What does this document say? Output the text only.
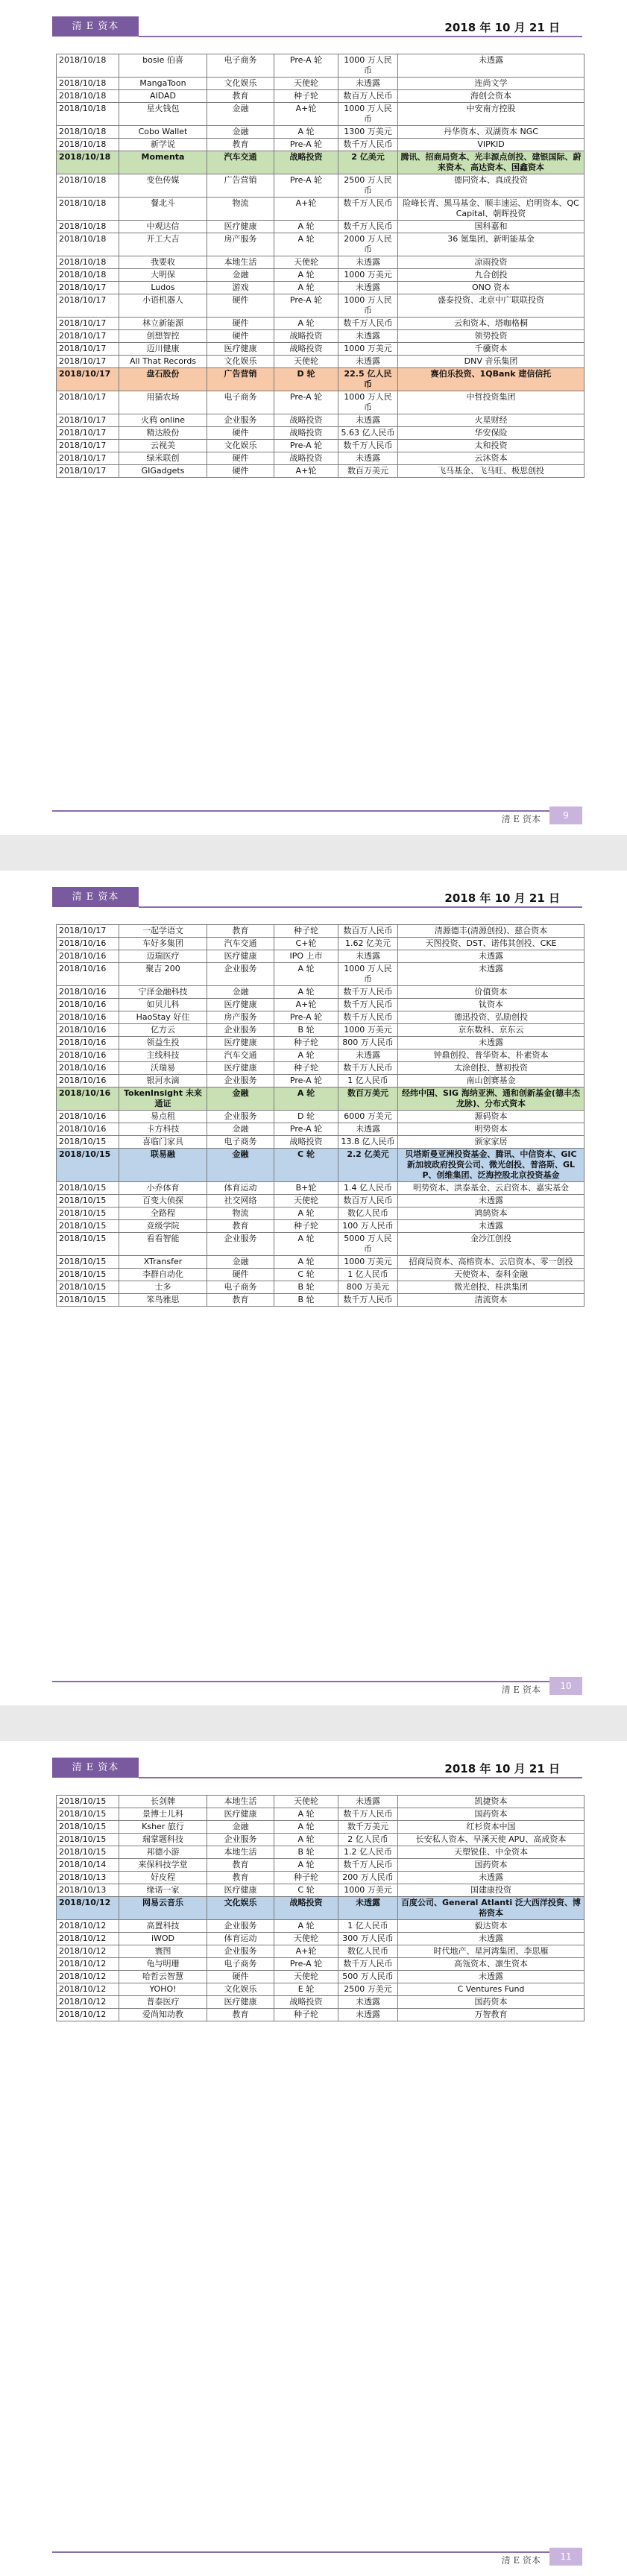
清 E 资本	2018 年 10 月 21 日
2018/10/18	bosie 伯喜	电子商务	Pre-A 轮	1000 万人民币	未透露
2018/10/18	MangaToon	文化娱乐	天使轮	未透露	连尚文学
2018/10/18	AIDAD	教育	种子轮	数百万人民币	海创会资本
2018/10/18	星火钱包	金融	A+轮	1000 万人民币	中安南方控股
2018/10/18	Cobo Wallet	金融	A 轮	1300 万美元	丹华资本、双湖资本 NGC
2018/10/18	新学说	教育	Pre-A 轮	数千万人民币	VIPKID
2018/10/18	Momenta	汽车交通	战略投资	2 亿美元	腾讯、招商局资本、光丰源点创投、建银国际、蔚来资本、高达资本、国鑫资本
2018/10/18	变色传媒	广告营销	Pre-A 轮	2500 万人民币	德同资本、真成投资
2018/10/18	餐北斗	物流	A+轮	数千万人民币	险峰长青、黑马基金、顺丰速运、启明资本、QC Capital、朝晖投资
2018/10/18	中观达信	医疗健康	A 轮	数千万人民币	国科嘉和
2018/10/18	开工大吉	房产服务	A 轮	2000 万人民币	36 氪集团、新明能基金
2018/10/18	我要收	本地生活	天使轮	未透露	凉雨投资
2018/10/18	大明保	金融	A 轮	1000 万美元	九合创投
2018/10/17	Ludos	游戏	A 轮	未透露	ONO 资本
2018/10/17	小语机器人	硬件	Pre-A 轮	1000 万人民币	盛泰投资、北京中广联联投资
2018/10/17	林立新能源	硬件	A 轮	数千万人民币	云和资本、塔咖格桐
2018/10/17	创想智控	硬件	战略投资	未透露	领势投资
2018/10/17	迈川健康	医疗健康	战略投资	1000 万美元	千骥资本
2018/10/17	All That Records	文化娱乐	天使轮	未透露	DNV 音乐集团
2018/10/17	盘石股份	广告营销	D 轮	22.5 亿人民币	赛伯乐投资、1QBank 建信信托
2018/10/17	用猫农场	电子商务	Pre-A 轮	1000 万人民币	中哲投资集团
2018/10/17	火鸦 online	企业服务	战略投资	未透露	火星财经
2018/10/17	精达股份	硬件	战略投资	5.63 亿人民币	华安保险
2018/10/17	云视美	文化娱乐	Pre-A 轮	数千万人民币	太和投资
2018/10/17	绿米联创	硬件	战略投资	未透露	云沐资本
2018/10/17	GIGadgets	硬件	A+轮	数百万美元	飞马基金、飞马旺、极思创投
清 E 资本	9
清 E 资本	2018 年 10 月 21 日
2018/10/17	一起学语文	教育	种子轮	数百万人民币	清源德丰(清源创投)、慈合资本
2018/10/16	车好多集团	汽车交通	C+轮	1.62 亿美元	天图投资、DST、诺伟其创投、CKE
2018/10/16	迈瑞医疗	医疗健康	IPO 上市	未透露	未透露
2018/10/16	聚吉 200	企业服务	A 轮	1000 万人民币	未透露
2018/10/16	宁泽金融科技	金融	A 轮	数千万人民币	价值资本
2018/10/16	如贝儿科	医疗健康	A+轮	数千万人民币	钛资本
2018/10/16	HaoStay 好住	房产服务	Pre-A 轮	数千万人民币	德迅投资、弘励创投
2018/10/16	亿方云	企业服务	B 轮	1000 万美元	京东数科、京东云
2018/10/16	领益生投	医疗健康	种子轮	800 万人民币	未透露
2018/10/16	主线科技	汽车交通	A 轮	未透露	钟鼎创投、普华资本、朴素资本
2018/10/16	沃瑞易	医疗健康	种子轮	数千万人民币	太涂创投、慧初投资
2018/10/16	银河水滴	企业服务	Pre-A 轮	1 亿人民币	南山创赛基金
2018/10/16	TokenInsight 未来通证	金融	A 轮	数百万美元	经纬中国、SIG 海纳亚洲、通和创新基金(德丰杰龙脉)、分布式资本
2018/10/16	易点租	企业服务	D 轮	6000 万美元	源码资本
2018/10/16	卡方科技	金融	Pre-A 轮	未透露	明势资本
2018/10/15	喜临门家具	电子商务	战略投资	13.8 亿人民币	颁家家居
2018/10/15	联易融	金融	C 轮	2.2 亿美元	贝塔斯曼亚洲投资基金、腾讯、中信资本、GIC 新加坡政府投资公司、微光创投、普洛斯、GLP、创维集团、泛海控股北京投资基金
2018/10/15	小乔体育	体育运动	B+轮	1.4 亿人民币	明势资本、洪泰基金、云启资本、嘉实基金
2018/10/15	百变大侦探	社交网络	天使轮	数百万人民币	未透露
2018/10/15	全路程	物流	A 轮	数亿人民币	鸿鹄资本
2018/10/15	竞级学院	教育	种子轮	100 万人民币	未透露
2018/10/15	看看智能	企业服务	A 轮	5000 万人民币	金沙江创投
2018/10/15	XTransfer	金融	A 轮	1000 万美元	招商局资本、高榕资本、云启资本、零一创投
2018/10/15	李群自动化	硬件	C 轮	1 亿人民币	天使资本、泰科金融
2018/10/15	士多	电子商务	B 轮	800 万美元	微光创投、桂洪集团
2018/10/15	笨鸟雅思	教育	B 轮	数千万人民币	清流资本
清 E 资本	10
清 E 资本	2018 年 10 月 21 日
2018/10/15	长剑牌	本地生活	天使轮	未透露	凯捷资本
2018/10/15	景博士儿科	医疗健康	A 轮	数千万人民币	国药资本
2018/10/15	Ksher 旅行	金融	A 轮	数千万美元	红杉资本中国
2018/10/15	瑞掌题科技	企业服务	A 轮	2 亿人民币	长安私人资本、早溪天使 APU、高成资本
2018/10/15	邦德小游	本地生活	B 轮	1.2 亿人民币	天塑锐佳、中金资本
2018/10/14	来保科技学堂	教育	A 轮	数千万人民币	国药资本
2018/10/13	好皮程	教育	种子轮	200 万人民币	未透露
2018/10/13	缘诺一家	医疗健康	C 轮	1000 万美元	国建康投资
2018/10/12	网易云音乐	文化娱乐	战略投资	未透露	百度公司、General Atlanti 泛大西洋投资、博裕资本
2018/10/12	高置科技	企业服务	A 轮	1 亿人民币	毅达资本
2018/10/12	iWOD	体育运动	天使轮	300 万人民币	未透露
2018/10/12	寰图	企业服务	A+轮	数亿人民币	时代地产、星河湾集团、李思雁
2018/10/12	龟与明珊	电子商务	Pre-A 轮	数千万人民币	高瓴资本、凛生资本
2018/10/12	哈哲云智慧	硬件	天使轮	500 万人民币	未透露
2018/10/12	YOHO!	文化娱乐	E 轮	2500 万美元	C Ventures Fund
2018/10/12	普泰医疗	医疗健康	战略投资	未透露	国药资本
2018/10/12	爱尚知动教	教育	种子轮	未透露	万智教育
清 E 资本	11
